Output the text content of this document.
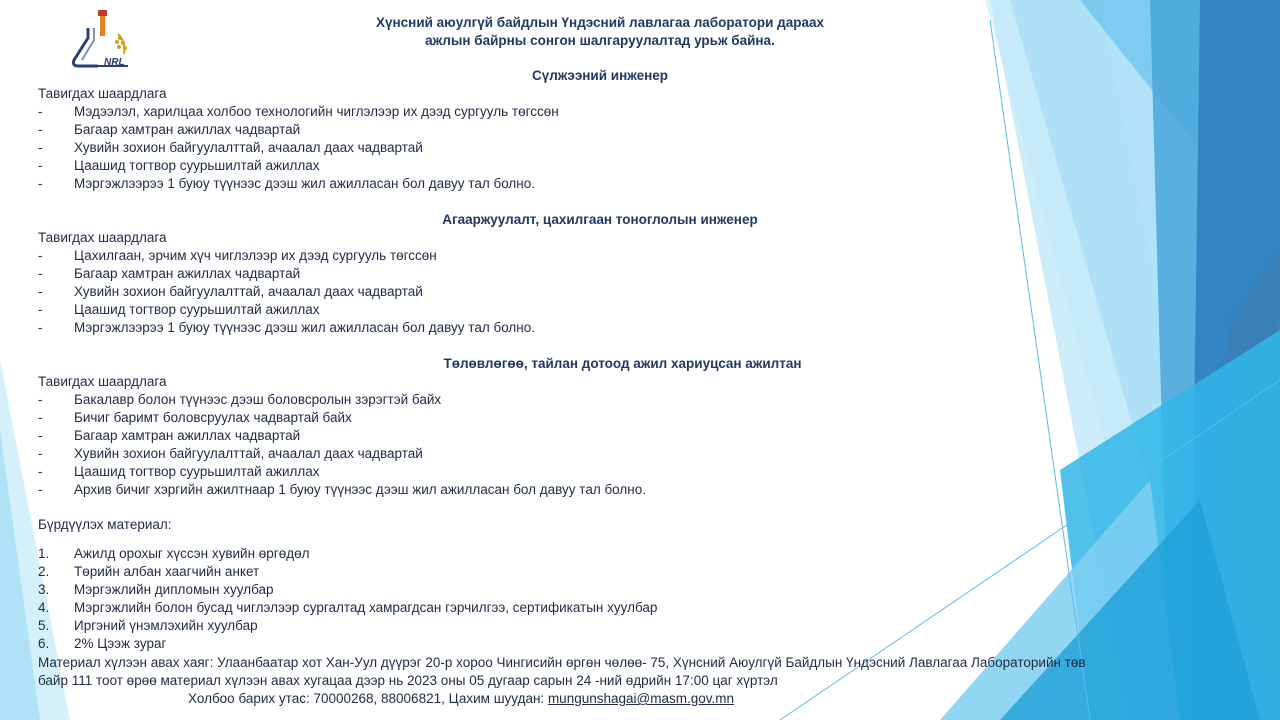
NRL
Хүнсний аюулгүй байдлын Үндэсний лавлагаа лаборатори дараах
ажлын байрны сонгон шалгаруулалтад урьж байна.
Сүлжээний инженер
Тавигдах шаардлага
-	Мэдээлэл, харилцаа холбоо технологийн чиглэлээр их дээд сургууль төгссөн
-	Багаар хамтран ажиллах чадвартай
-	Хувийн зохион байгуулалттай, ачаалал даах чадвартай
-	Цаашид тогтвор суурьшилтай ажиллах
-	Мэргэжлээрээ 1 буюу түүнээс дээш жил ажилласан бол давуу тал болно.
Агааржуулалт, цахилгаан тоноглолын инженер
Тавигдах шаардлага
-	Цахилгаан, эрчим хүч чиглэлээр их дээд сургууль төгссөн
-	Багаар хамтран ажиллах чадвартай
-	Хувийн зохион байгуулалттай, ачаалал даах чадвартай
-	Цаашид тогтвор суурьшилтай ажиллах
-	Мэргэжлээрээ 1 буюу түүнээс дээш жил ажилласан бол давуу тал болно.
Төлөвлөгөө, тайлан дотоод ажил хариуцсан ажилтан
Тавигдах шаардлага
-	Бакалавр болон түүнээс дээш боловсролын зэрэгтэй байх
-	Бичиг баримт боловсруулах чадвартай байх
-	Багаар хамтран ажиллах чадвартай
-	Хувийн зохион байгуулалттай, ачаалал даах чадвартай
-	Цаашид тогтвор суурьшилтай ажиллах
-	Архив бичиг хэргийн ажилтнаар 1 буюу түүнээс дээш жил ажилласан бол давуу тал болно.
Бүрдүүлэх материал:
1.	Ажилд орохыг хүссэн хувийн өргөдөл
2.	Төрийн албан хаагчийн анкет
3.	Мэргэжлийн дипломын хуулбар
4.	Мэргэжлийн болон бусад чиглэлээр сургалтад хамрагдсан гэрчилгээ, сертификатын хуулбар
5.	Иргэний үнэмлэхийн хуулбар
6.	2% Цээж зураг
Материал хүлээн авах хаяг: Улаанбаатар хот Хан-Уул дүүрэг 20-р хороо Чингисийн өргөн чөлөө- 75, Хүнсний Аюулгүй Байдлын Үндэсний Лавлагаа Лабораторийн төв
байр 111 тоот өрөө материал хүлээн авах хугацаа дээр нь 2023 оны 05 дугаар сарын 24 -ний өдрийн 17:00 цаг хүртэл
Холбоо барих утас: 70000268, 88006821, Цахим шуудан: mungunshagai@masm.gov.mn
